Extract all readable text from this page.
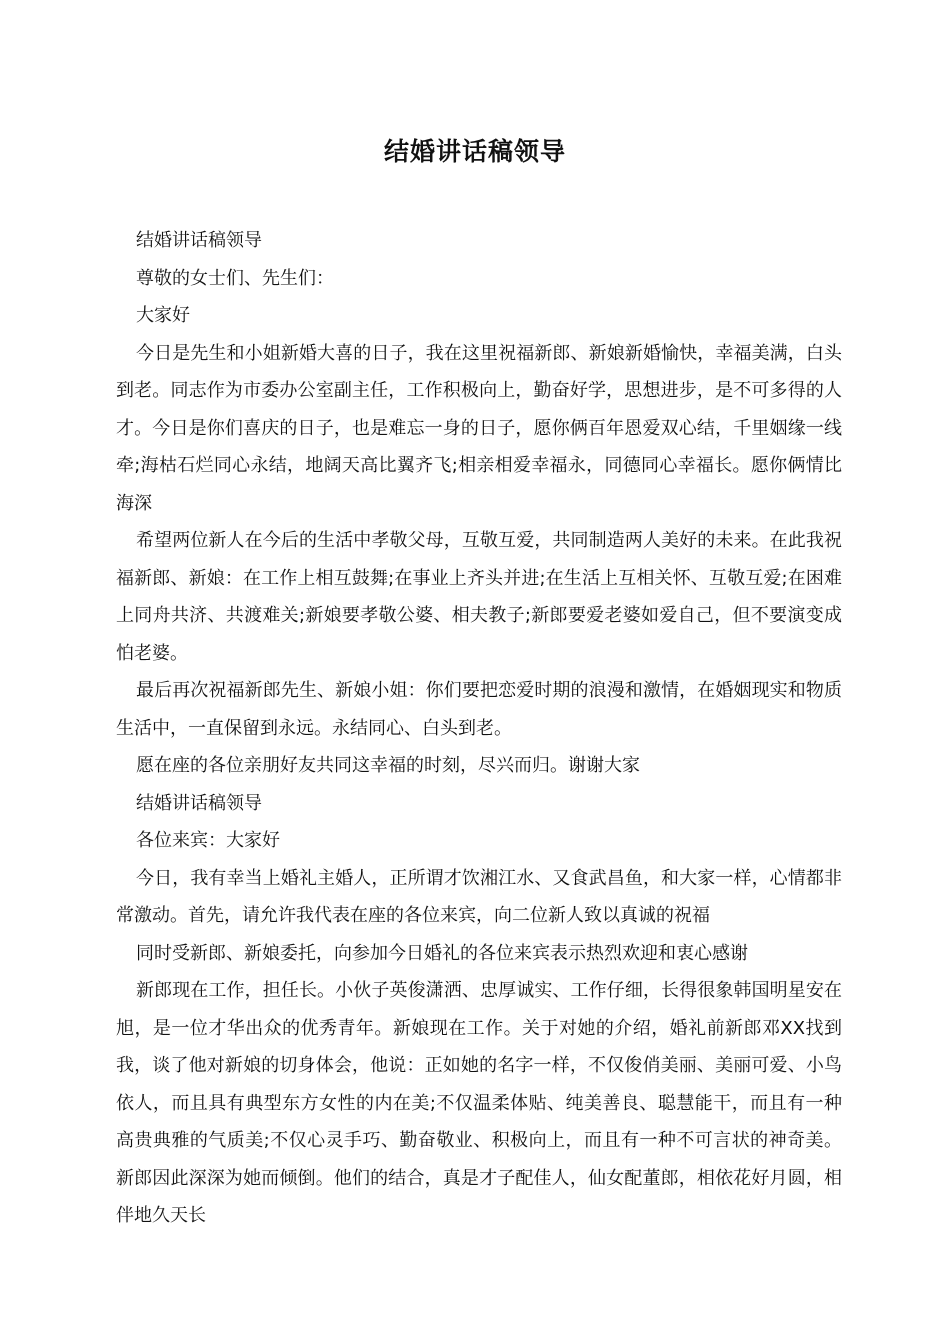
结婚讲话稿领导

结婚讲话稿领导

尊敬的女士们、先生们：

大家好

今日是先生和小姐新婚大喜的日子，我在这里祝福新郎、新娘新婚愉快，幸福美满，白头到老。同志作为市委办公室副主任，工作积极向上，勤奋好学，思想进步，是不可多得的人才。今日是你们喜庆的日子，也是难忘一身的日子，愿你俩百年恩爱双心结，千里姻缘一线牵;海枯石烂同心永结，地阔天高比翼齐飞;相亲相爱幸福永，同德同心幸福长。愿你俩情比海深

希望两位新人在今后的生活中孝敬父母，互敬互爱，共同制造两人美好的未来。在此我祝福新郎、新娘：在工作上相互鼓舞;在事业上齐头并进;在生活上互相关怀、互敬互爱;在困难上同舟共济、共渡难关;新娘要孝敬公婆、相夫教子;新郎要爱老婆如爱自己，但不要演变成怕老婆。

最后再次祝福新郎先生、新娘小姐：你们要把恋爱时期的浪漫和激情，在婚姻现实和物质生活中，一直保留到永远。永结同心、白头到老。

愿在座的各位亲朋好友共同这幸福的时刻，尽兴而归。谢谢大家

结婚讲话稿领导

各位来宾：大家好

今日，我有幸当上婚礼主婚人，正所谓才饮湘江水、又食武昌鱼，和大家一样，心情都非常激动。首先，请允许我代表在座的各位来宾，向二位新人致以真诚的祝福

同时受新郎、新娘委托，向参加今日婚礼的各位来宾表示热烈欢迎和衷心感谢

新郎现在工作，担任长。小伙子英俊潇洒、忠厚诚实、工作仔细，长得很象韩国明星安在旭，是一位才华出众的优秀青年。新娘现在工作。关于对她的介绍，婚礼前新郎邓XX找到我，谈了他对新娘的切身体会，他说：正如她的名字一样，不仅俊俏美丽、美丽可爱、小鸟依人，而且具有典型东方女性的内在美;不仅温柔体贴、纯美善良、聪慧能干，而且有一种高贵典雅的气质美;不仅心灵手巧、勤奋敬业、积极向上，而且有一种不可言状的神奇美。新郎因此深深为她而倾倒。他们的结合，真是才子配佳人，仙女配董郎，相依花好月圆，相伴地久天长
